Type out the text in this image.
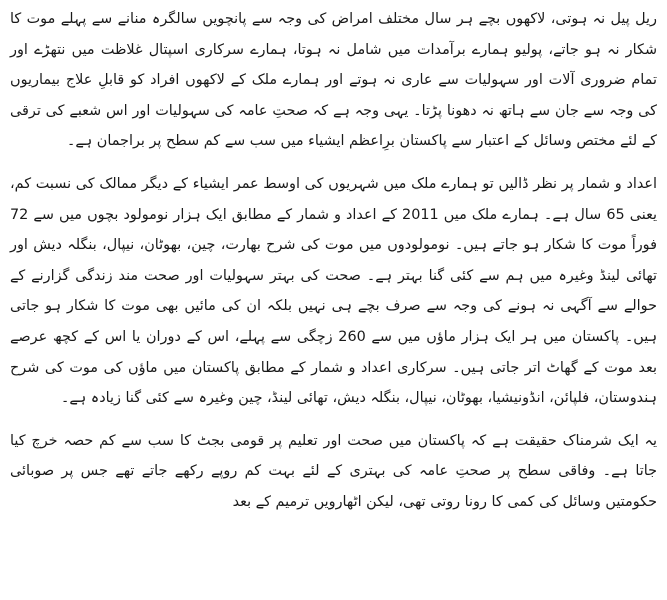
ریل پیل نہ ہوتی، لاکھوں بچے ہر سال مختلف امراض کی وجہ سے پانچویں سالگرہ منانے سے پہلے موت کا شکار نہ ہو جاتے، پولیو ہمارے برآمدات میں شامل نہ ہوتا، ہمارے سرکاری اسپتال غلاظت میں نتھڑے اور تمام ضروری آلات اور سہولیات سے عاری نہ ہوتے اور ہمارے ملک کے لاکھوں افراد کو قابلِ علاج بیماریوں کی وجہ سے جان سے ہاتھ نہ دھونا پڑتا۔ یہی وجہ ہے کہ صحتِ عامہ کی سہولیات اور اس شعبے کی ترقی کے لئے مختص وسائل کے اعتبار سے پاکستان برِاعظم ایشیاء میں سب سے کم سطح پر براجمان ہے۔

اعداد و شمار پر نظر ڈالیں تو ہمارے ملک میں شہریوں کی اوسط عمر ایشیاء کے دیگر ممالک کی نسبت کم، یعنی 65 سال ہے۔ ہمارے ملک میں 2011 کے اعداد و شمار کے مطابق ایک ہزار نومولود بچوں میں سے 72 فوراً موت کا شکار ہو جاتے ہیں۔ نومولودوں میں موت کی شرح بھارت، چین، بھوٹان، نیپال، بنگلہ دیش اور تھائی لینڈ وغیرہ میں ہم سے کئی گنا بہتر ہے۔ صحت کی بہتر سہولیات اور صحت مند زندگی گزارنے کے حوالے سے آگہی نہ ہونے کی وجہ سے صرف بچے ہی نہیں بلکہ ان کی مائیں بھی موت کا شکار ہو جاتی ہیں۔ پاکستان میں ہر ایک ہزار ماؤں میں سے 260 زچگی سے پہلے، اس کے دوران یا اس کے کچھ عرصے بعد موت کے گھاٹ اتر جاتی ہیں۔ سرکاری اعداد و شمار کے مطابق پاکستان میں ماؤں کی موت کی شرح ہندوستان، فلپائن، انڈونیشیا، بھوٹان، نیپال، بنگلہ دیش، تھائی لینڈ، چین وغیرہ سے کئی گنا زیادہ ہے۔

یہ ایک شرمناک حقیقت ہے کہ پاکستان میں صحت اور تعلیم پر قومی بجٹ کا سب سے کم حصہ خرچ کیا جاتا ہے۔ وفاقی سطح پر صحتِ عامہ کی بہتری کے لئے بہت کم روپے رکھے جاتے تھے جس پر صوبائی حکومتیں وسائل کی کمی کا رونا روتی تھی، لیکن اٹھارویں ترمیم کے بعد
